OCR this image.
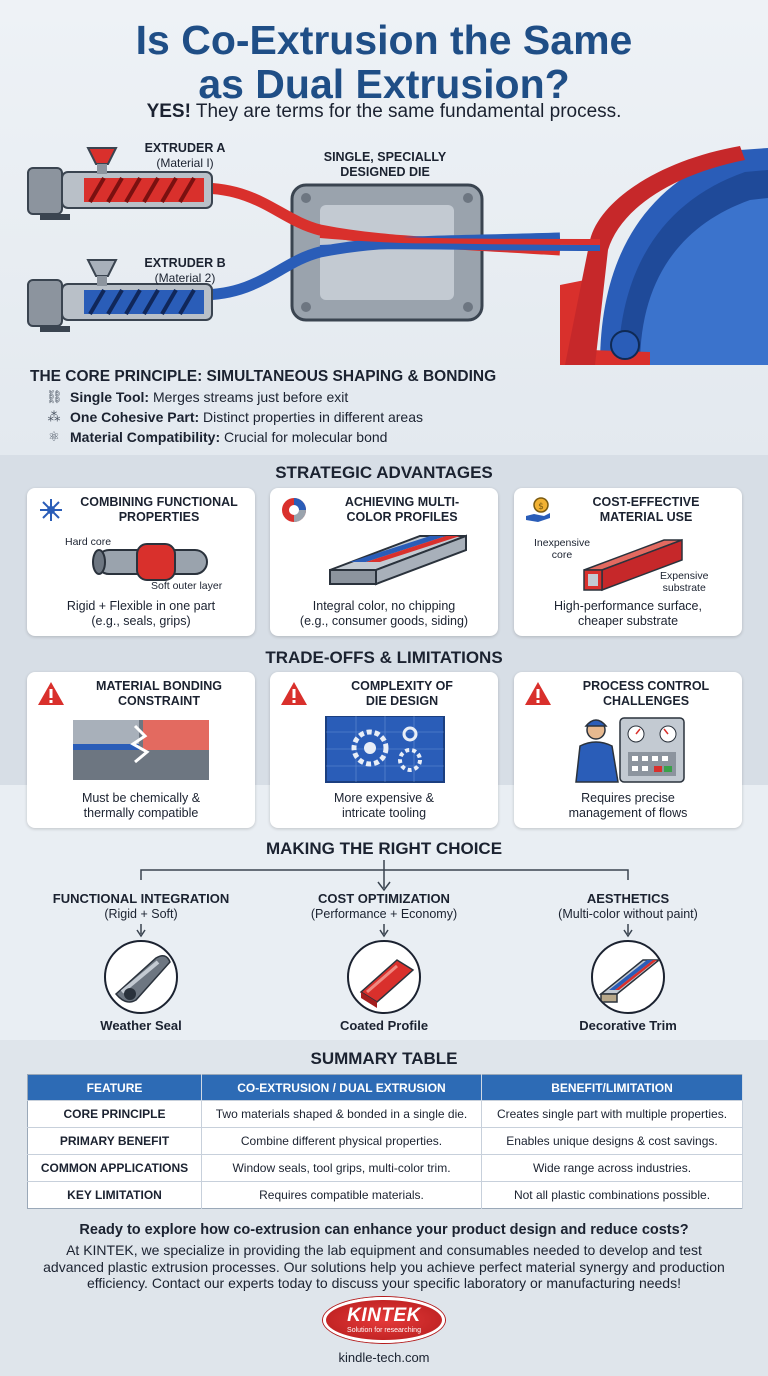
Is Co-Extrusion the Same
as Dual Extrusion?
YES! They are terms for the same fundamental process.
EXTRUDER A
(Material I)	SINGLE, SPECIALLY
DESIGNED DIE
EXTRUDER B
(Material 2)
THE CORE PRINCIPLE: SIMULTANEOUS SHAPING & BONDING
⛓ Single Tool: Merges streams just before exit
⁂ One Cohesive Part: Distinct properties in different areas
⚛ Material Compatibility: Crucial for molecular bond
STRATEGIC ADVANTAGES
COMBINING FUNCTIONAL
PROPERTIES
Hard core
Soft outer layer
Rigid + Flexible in one part
(e.g., seals, grips)
ACHIEVING MULTI-
COLOR PROFILES
Integral color, no chipping
(e.g., consumer goods, siding)
$	COST-EFFECTIVE
MATERIAL USE
Inexpensive
core
Expensive
substrate
High-performance surface,
cheaper substrate
TRADE-OFFS & LIMITATIONS
MATERIAL BONDING
CONSTRAINT
Must be chemically &
thermally compatible
COMPLEXITY OF
DIE DESIGN
More expensive &
intricate tooling
PROCESS CONTROL
CHALLENGES
Requires precise
management of flows
MAKING THE RIGHT CHOICE
FUNCTIONAL INTEGRATION
(Rigid + Soft)
COST OPTIMIZATION
(Performance + Economy)
AESTHETICS
(Multi-color without paint)
Weather Seal	Coated Profile	Decorative Trim
SUMMARY TABLE
FEATURE	CO-EXTRUSION / DUAL EXTRUSION	BENEFIT/LIMITATION
CORE PRINCIPLE	Two materials shaped & bonded in a single die.	Creates single part with multiple properties.
PRIMARY BENEFIT	Combine different physical properties.	Enables unique designs & cost savings.
COMMON APPLICATIONS	Window seals, tool grips, multi-color trim.	Wide range across industries.
KEY LIMITATION	Requires compatible materials.	Not all plastic combinations possible.
Ready to explore how co-extrusion can enhance your product design and reduce costs?
At KINTEK, we specialize in providing the lab equipment and consumables needed to develop and test advanced plastic extrusion processes. Our solutions help you achieve perfect material synergy and production efficiency. Contact our experts today to discuss your specific laboratory or manufacturing needs!
KINTEK
Solution for researching
kindle-tech.com
